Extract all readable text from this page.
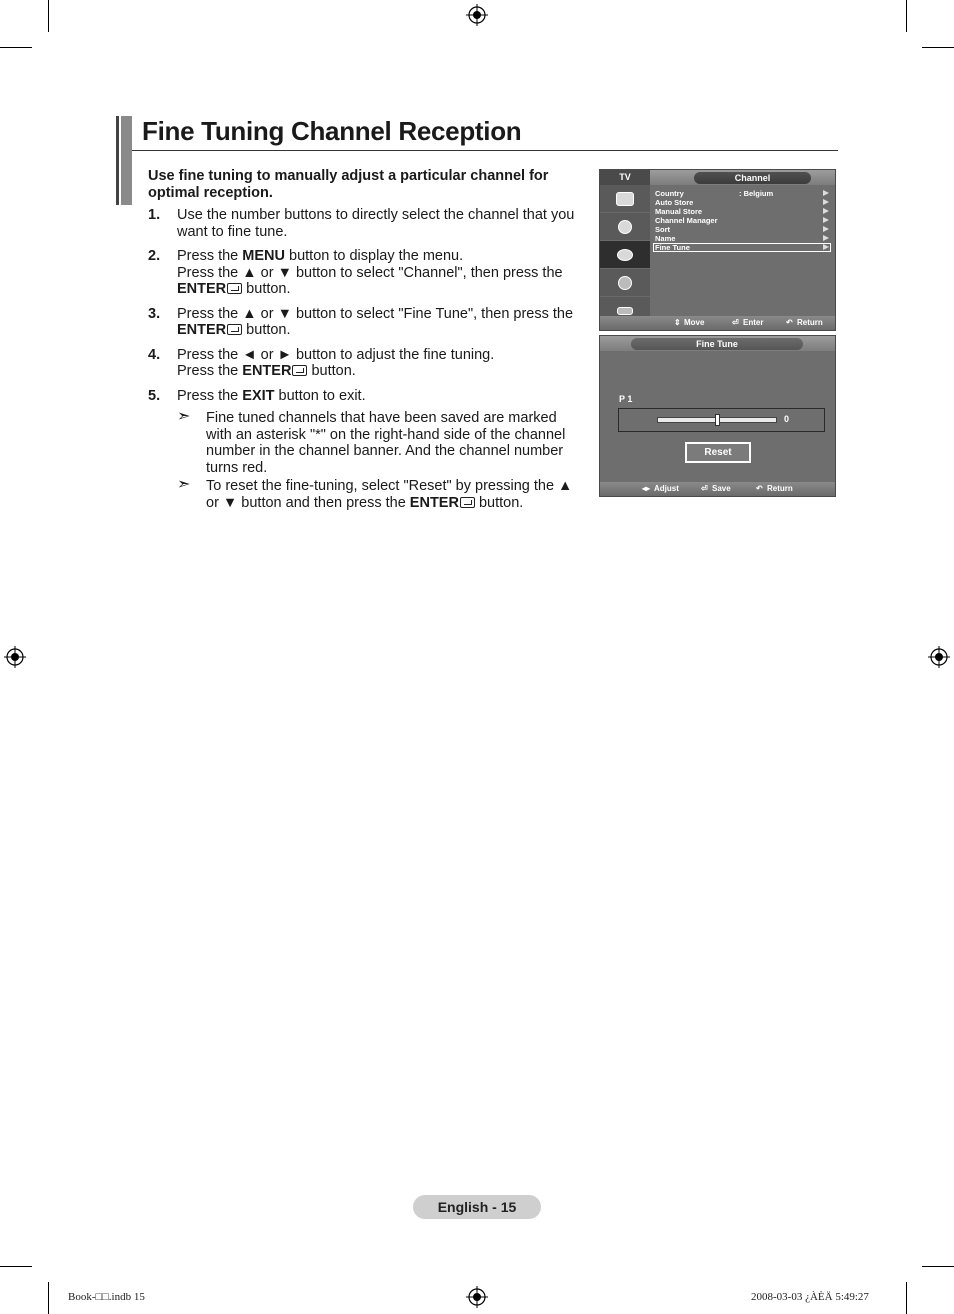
Fine Tuning Channel Reception
Use fine tuning to manually adjust a particular channel for optimal reception.
1.	Use the number buttons to directly select the channel that you want to fine tune.
2.	Press the MENU button to display the menu.
Press the ▲ or ▼ button to select "Channel", then press the ENTER button.
3.	Press the ▲ or ▼ button to select "Fine Tune", then press the ENTER button.
4.	Press the ◄ or ► button to adjust the fine tuning.
Press the ENTER button.
5.	Press the EXIT button to exit.
➣	Fine tuned channels that have been saved are marked with an asterisk "*" on the right-hand side of the channel number in the channel banner. And the channel number turns red.
➣	To reset the fine-tuning, select "Reset" by pressing the ▲ or ▼ button and then press the ENTER button.
TV	Channel
Country	: Belgium
Auto Store
Manual Store
Channel Manager
Sort
Name
Fine Tune
⇕ Move	⏎ Enter	↶ Return
Fine Tune
P 1
0
Reset
◂▸ Adjust	⏎ Save	↶ Return
English - 15
Book-□□.indb 15	2008-03-03 ¿ÀÈÄ 5:49:27
